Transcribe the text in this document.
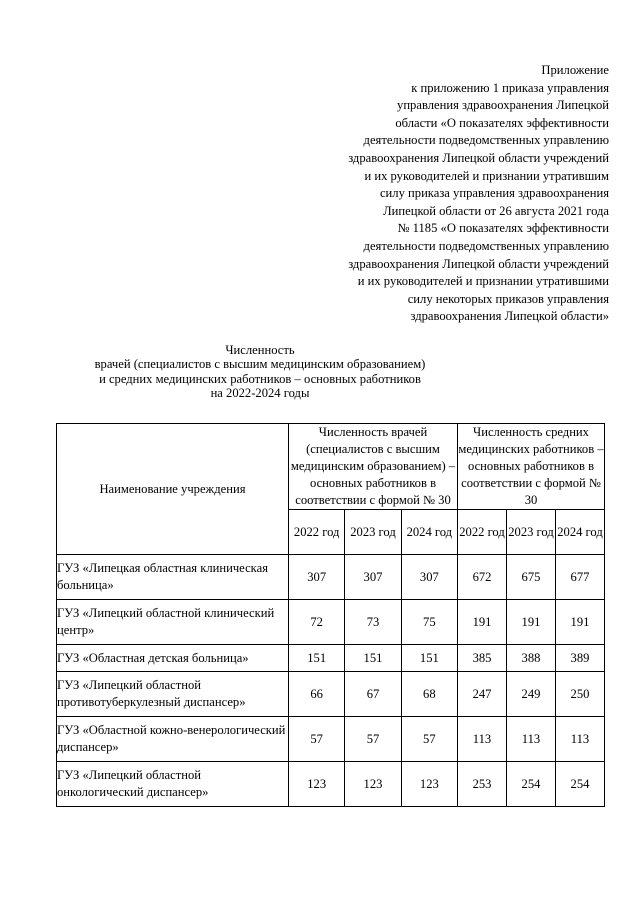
Приложение
к приложению 1 приказа управления
управления здравоохранения Липецкой
области «О показателях эффективности
деятельности подведомственных управлению
здравоохранения Липецкой области учреждений
и их руководителей и признании утратившим
силу приказа управления здравоохранения
Липецкой области от 26 августа 2021 года
№ 1185 «О показателях эффективности
деятельности подведомственных управлению
здравоохранения Липецкой области учреждений
и их руководителей и признании утратившими
силу некоторых приказов управления
здравоохранения Липецкой области»
Численность
врачей (специалистов с высшим медицинским образованием)
и средних медицинских работников – основных работников
на 2022-2024 годы
Наименование учреждения	Численность врачей (специалистов с высшим медицинским образованием) – основных работников в соответствии с формой № 30			Численность средних медицинских работников – основных работников в соответствии с формой № 30		
	2022 год	2023 год	2024 год	2022 год	2023 год	2024 год
ГУЗ «Липецкая областная клиническая больница»	307	307	307	672	675	677
ГУЗ «Липецкий областной клинический центр»	72	73	75	191	191	191
ГУЗ «Областная детская больница»	151	151	151	385	388	389
ГУЗ «Липецкий областной противотуберкулезный диспансер»	66	67	68	247	249	250
ГУЗ «Областной кожно-венерологический диспансер»	57	57	57	113	113	113
ГУЗ «Липецкий областной онкологический диспансер»	123	123	123	253	254	254
